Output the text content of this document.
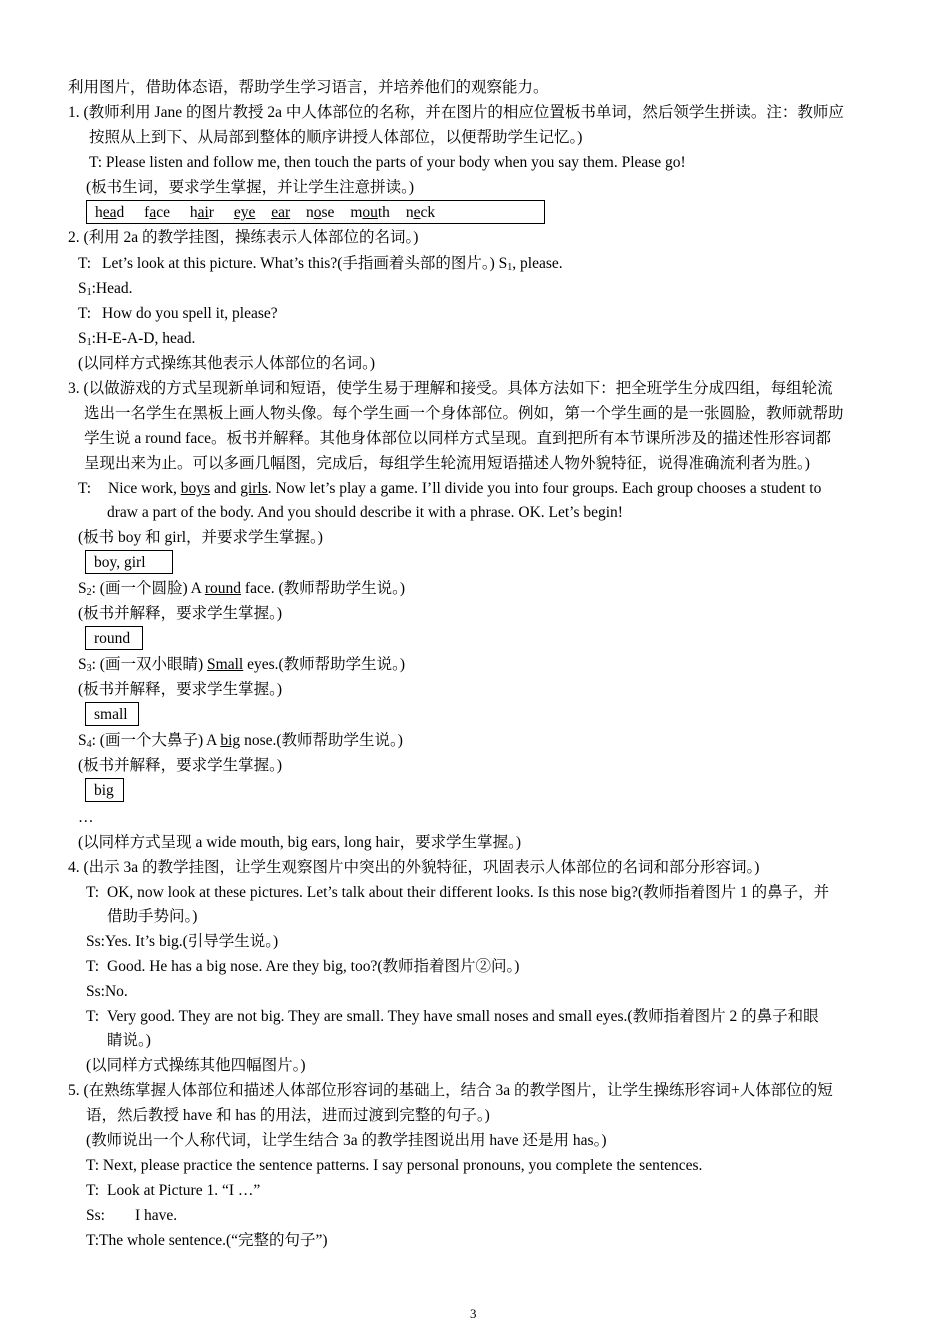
利用图片，借助体态语，帮助学生学习语言，并培养他们的观察能力。
1. (教师利用 Jane 的图片教授 2a 中人体部位的名称，并在图片的相应位置板书单词，然后领学生拼读。注：教师应
按照从上到下、从局部到整体的顺序讲授人体部位，以便帮助学生记忆。)
T: Please listen and follow me, then touch the parts of your body when you say them. Please go!
(板书生词，要求学生掌握，并让学生注意拼读。)
head face hair eye ear nose mouth neck
2. (利用 2a 的教学挂图，操练表示人体部位的名词。)
T: Let’s look at this picture. What’s this?(手指画着头部的图片。) $S_1$, please.
$S_1:Head$.
T: How do you spell it, please?
$S_1:H-E-A-D$, head.
(以同样方式操练其他表示人体部位的名词。)
3. (以做游戏的方式呈现新单词和短语，使学生易于理解和接受。具体方法如下：把全班学生分成四组，每组轮流
选出一名学生在黑板上画人物头像。每个学生画一个身体部位。例如，第一个学生画的是一张圆脸，教师就帮助
学生说 a round face。板书并解释。其他身体部位以同样方式呈现。直到把所有本节课所涉及的描述性形容词都
呈现出来为止。可以多画几幅图，完成后，每组学生轮流用短语描述人物外貌特征，说得准确流利者为胜。)
T: Nice work, boys and girls. Now let’s play a game. I’ll divide you into four groups. Each group chooses a student to
draw a part of the body. And you should describe it with a phrase. OK. Let’s begin!
(板书 boy 和 girl，并要求学生掌握。)
boy, girl
$S_2$: (画一个圆脸) A round face. (教师帮助学生说。)
(板书并解释，要求学生掌握。)
round
$S_3$: (画一双小眼睛) Small eyes.(教师帮助学生说。)
(板书并解释，要求学生掌握。)
small
$S_4$: (画一个大鼻子) A big nose.(教师帮助学生说。)
(板书并解释，要求学生掌握。)
big
…
(以同样方式呈现 a wide mouth, big ears, long hair，要求学生掌握。)
4. (出示 3a 的教学挂图，让学生观察图片中突出的外貌特征，巩固表示人体部位的名词和部分形容词。)
T: OK, now look at these pictures. Let’s talk about their different looks. Is this nose big?(教师指着图片 1 的鼻子，并
借助手势问。)
Ss:Yes. It’s big.(引导学生说。)
T: Good. He has a big nose. Are they big, too?(教师指着图片②问。)
Ss:No.
T: Very good. They are not big. They are small. They have small noses and small eyes.(教师指着图片 2 的鼻子和眼
睛说。)
(以同样方式操练其他四幅图片。)
5. (在熟练掌握人体部位和描述人体部位形容词的基础上，结合 3a 的教学图片，让学生操练形容词+人体部位的短
语，然后教授 have 和 has 的用法，进而过渡到完整的句子。)
(教师说出一个人称代词，让学生结合 3a 的教学挂图说出用 have 还是用 has。)
T: Next, please practice the sentence patterns. I say personal pronouns, you complete the sentences.
T: Look at Picture 1. “I …”
Ss: I have.
T:The whole sentence.(“完整的句子”)
3
